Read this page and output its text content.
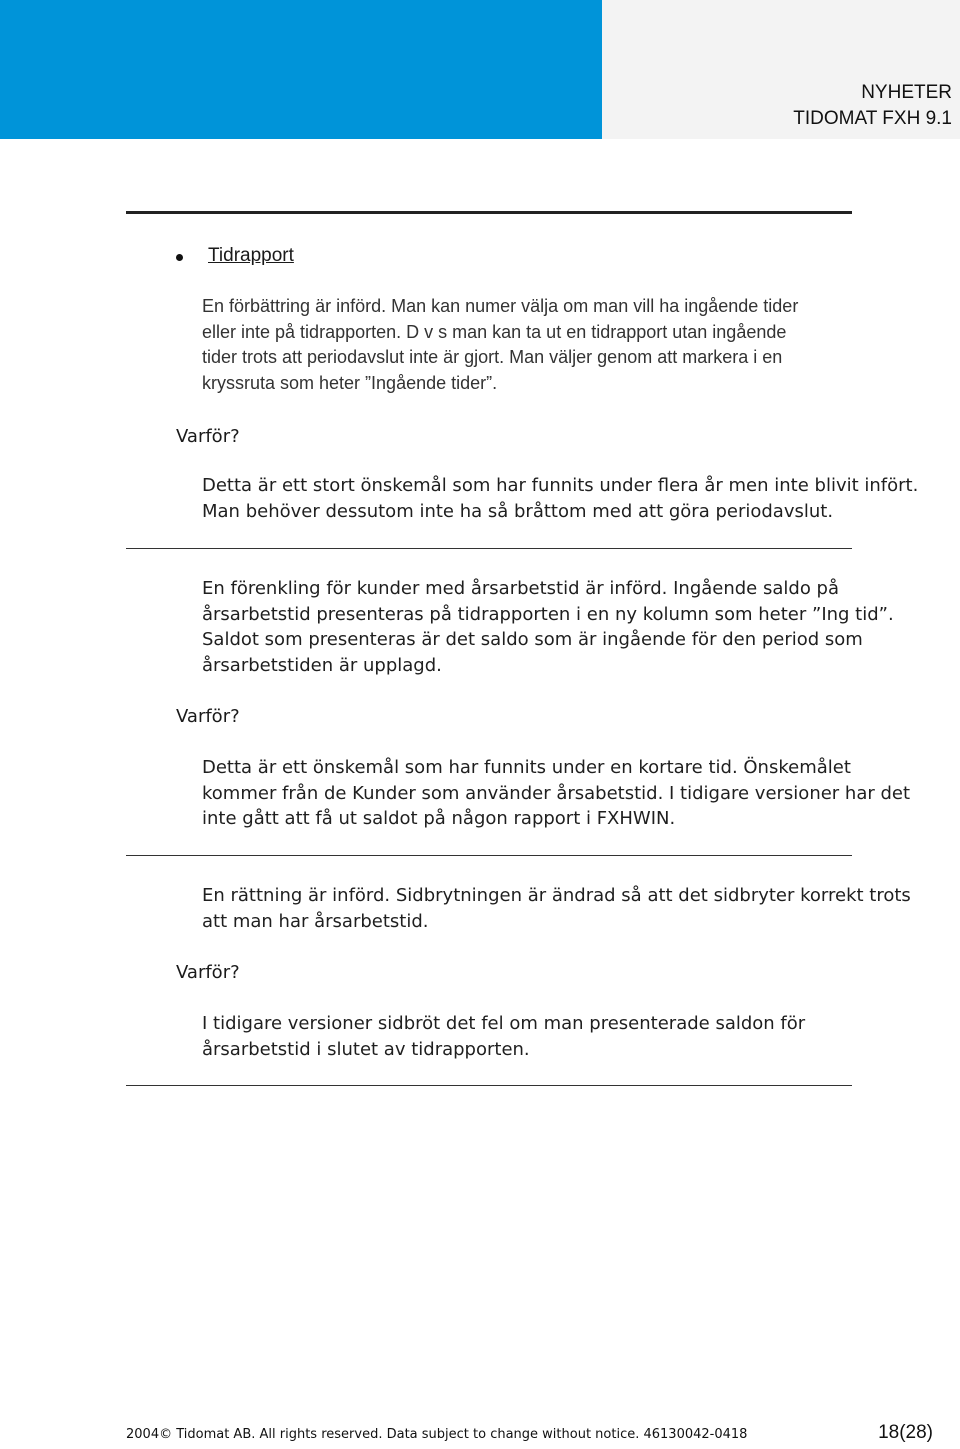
NYHETER
TIDOMAT FXH 9.1
Tidrapport
En förbättring är införd. Man kan numer välja om man vill ha ingående tider
eller inte på tidrapporten. D v s man kan ta ut en tidrapport utan ingående
tider trots att periodavslut inte är gjort. Man väljer genom att markera i en
kryssruta som heter ”Ingående tider”.
Varför?
Detta är ett stort önskemål som har funnits under flera år men inte blivit infört.
Man behöver dessutom inte ha så bråttom med att göra periodavslut.
En förenkling för kunder med årsarbetstid är införd. Ingående saldo på
årsarbetstid presenteras på tidrapporten i en ny kolumn som heter ”Ing tid”.
Saldot som presenteras är det saldo som är ingående för den period som
årsarbetstiden är upplagd.
Varför?
Detta är ett önskemål som har funnits under en kortare tid. Önskemålet
kommer från de Kunder som använder årsabetstid. I tidigare versioner har det
inte gått att få ut saldot på någon rapport i FXHWIN.
En rättning är införd. Sidbrytningen är ändrad så att det sidbryter korrekt trots
att man har årsarbetstid.
Varför?
I tidigare versioner sidbröt det fel om man presenterade saldon för
årsarbetstid i slutet av tidrapporten.
2004© Tidomat AB. All rights reserved. Data subject to change without notice. 46130042-0418	18(28)
